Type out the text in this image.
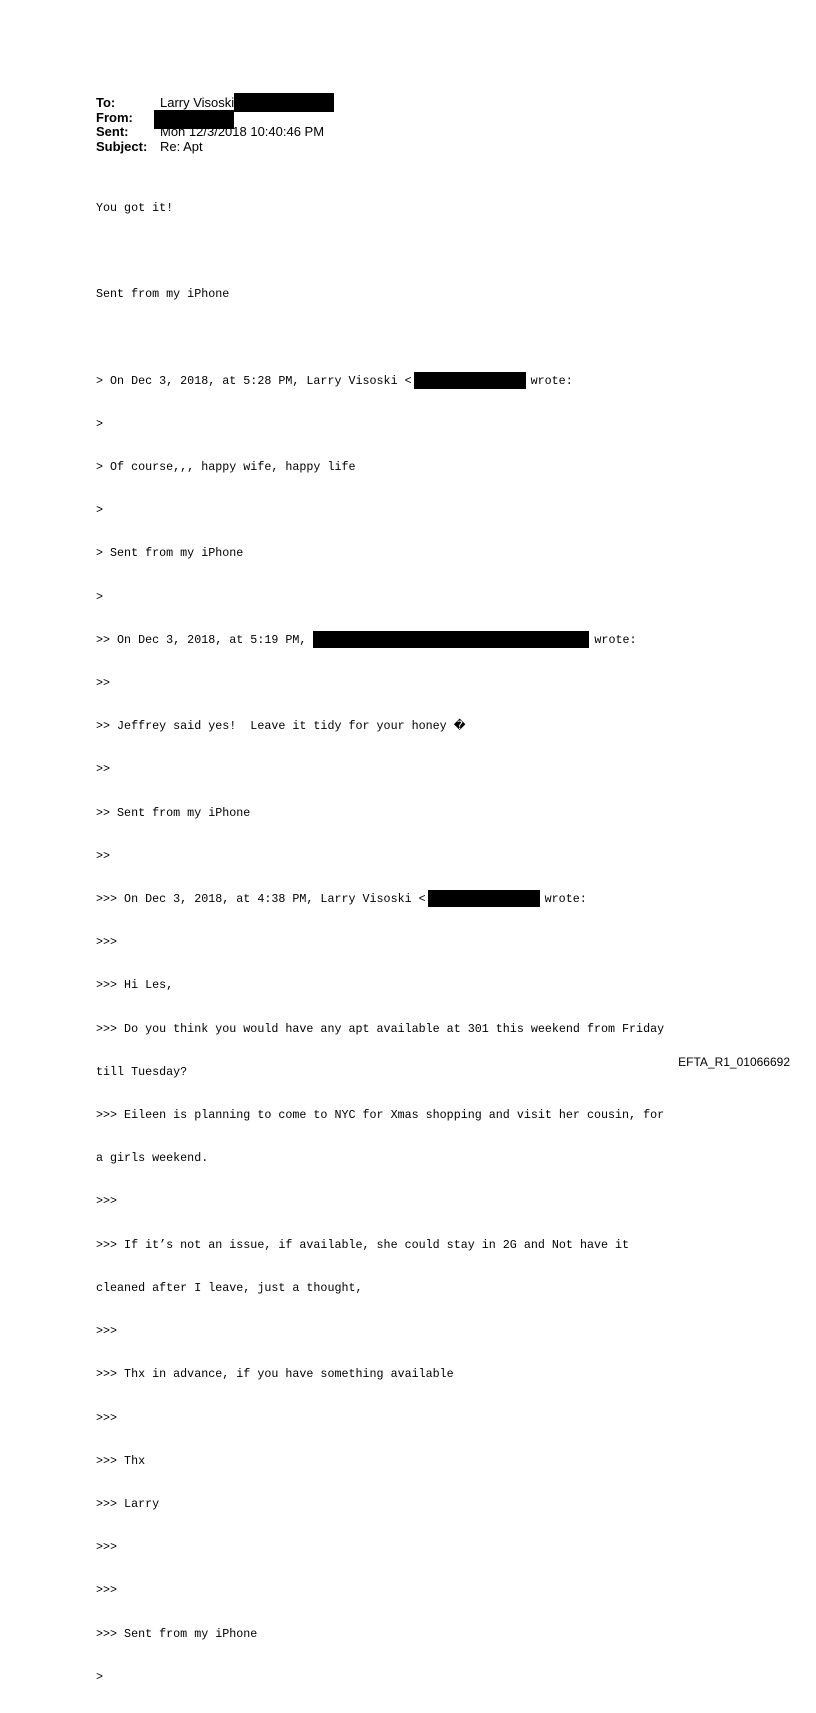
To:	Larry Visoski
From:
Sent: Mon 12/3/2018 10:40:46 PM
Subject: Re: Apt

You got it!

Sent from my iPhone

> On Dec 3, 2018, at 5:28 PM, Larry Visoski <	wrote:

>

> Of course,,, happy wife, happy life

>

> Sent from my iPhone

>

>> On Dec 3, 2018, at 5:19 PM,	wrote:

>>

>> Jeffrey said yes!  Leave it tidy for your honey �

>>

>> Sent from my iPhone

>>

>>> On Dec 3, 2018, at 4:38 PM, Larry Visoski <	wrote:

>>>

>>> Hi Les,

>>> Do you think you would have any apt available at 301 this weekend from Friday

till Tuesday?

>>> Eileen is planning to come to NYC for Xmas shopping and visit her cousin, for

a girls weekend.

>>>

>>> If it’s not an issue, if available, she could stay in 2G and Not have it

cleaned after I leave, just a thought,

>>>

>>> Thx in advance, if you have something available

>>>

>>> Thx

>>> Larry

>>>

>>>

>>> Sent from my iPhone

>

EFTA_R1_01066692
